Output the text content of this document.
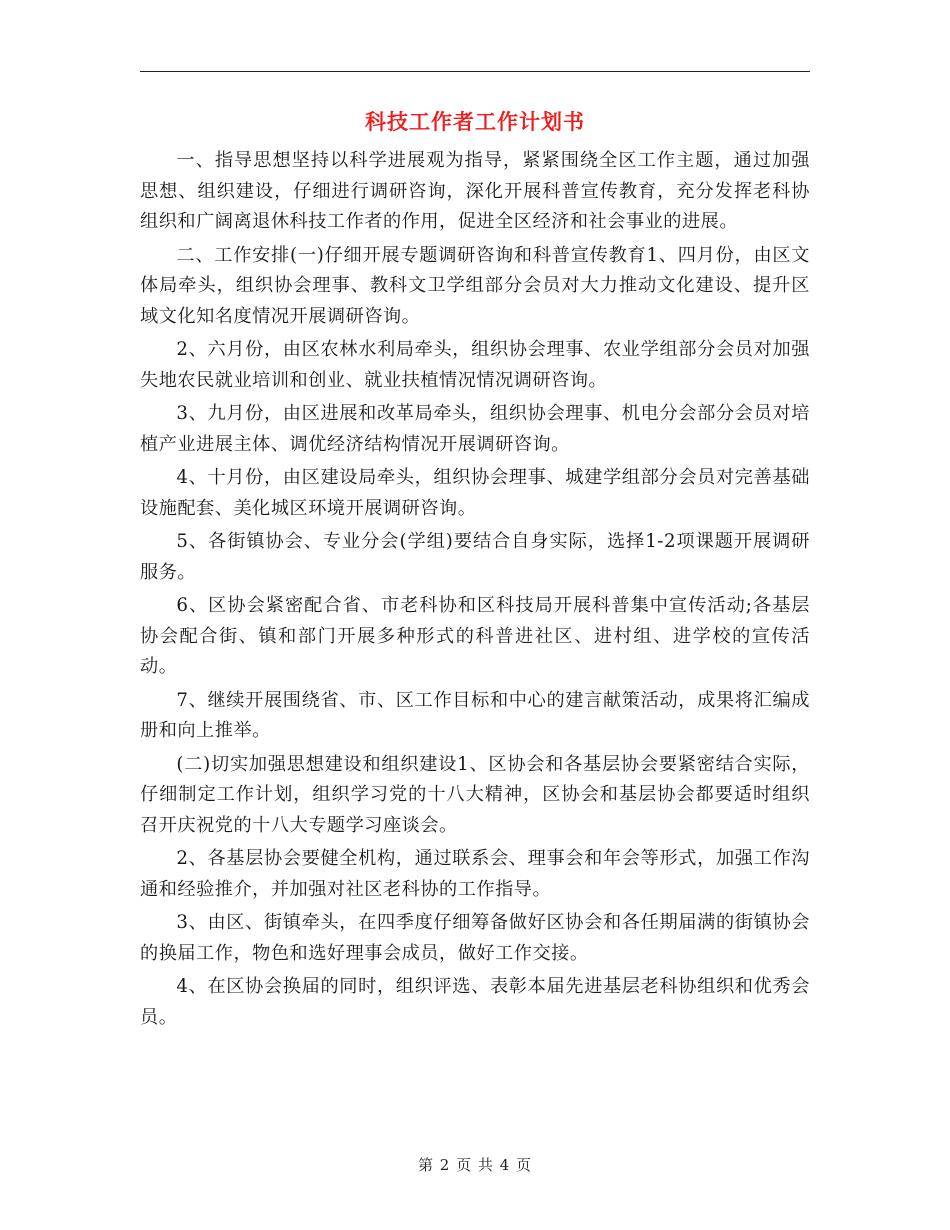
科技工作者工作计划书

一、指导思想坚持以科学进展观为指导，紧紧围绕全区工作主题，通过加强思想、组织建设，仔细进行调研咨询，深化开展科普宣传教育，充分发挥老科协组织和广阔离退休科技工作者的作用，促进全区经济和社会事业的进展。

二、工作安排(一)仔细开展专题调研咨询和科普宣传教育1、四月份，由区文体局牵头，组织协会理事、教科文卫学组部分会员对大力推动文化建设、提升区域文化知名度情况开展调研咨询。

2、六月份，由区农林水利局牵头，组织协会理事、农业学组部分会员对加强失地农民就业培训和创业、就业扶植情况情况调研咨询。

3、九月份，由区进展和改革局牵头，组织协会理事、机电分会部分会员对培植产业进展主体、调优经济结构情况开展调研咨询。

4、十月份，由区建设局牵头，组织协会理事、城建学组部分会员对完善基础设施配套、美化城区环境开展调研咨询。

5、各街镇协会、专业分会(学组)要结合自身实际，选择1-2项课题开展调研服务。

6、区协会紧密配合省、市老科协和区科技局开展科普集中宣传活动;各基层协会配合街、镇和部门开展多种形式的科普进社区、进村组、进学校的宣传活动。

7、继续开展围绕省、市、区工作目标和中心的建言献策活动，成果将汇编成册和向上推举。

(二)切实加强思想建设和组织建设1、区协会和各基层协会要紧密结合实际，仔细制定工作计划，组织学习党的十八大精神，区协会和基层协会都要适时组织召开庆祝党的十八大专题学习座谈会。

2、各基层协会要健全机构，通过联系会、理事会和年会等形式，加强工作沟通和经验推介，并加强对社区老科协的工作指导。

3、由区、街镇牵头，在四季度仔细筹备做好区协会和各任期届满的街镇协会的换届工作，物色和选好理事会成员，做好工作交接。

4、在区协会换届的同时，组织评选、表彰本届先进基层老科协组织和优秀会员。

第 2 页 共 4 页
